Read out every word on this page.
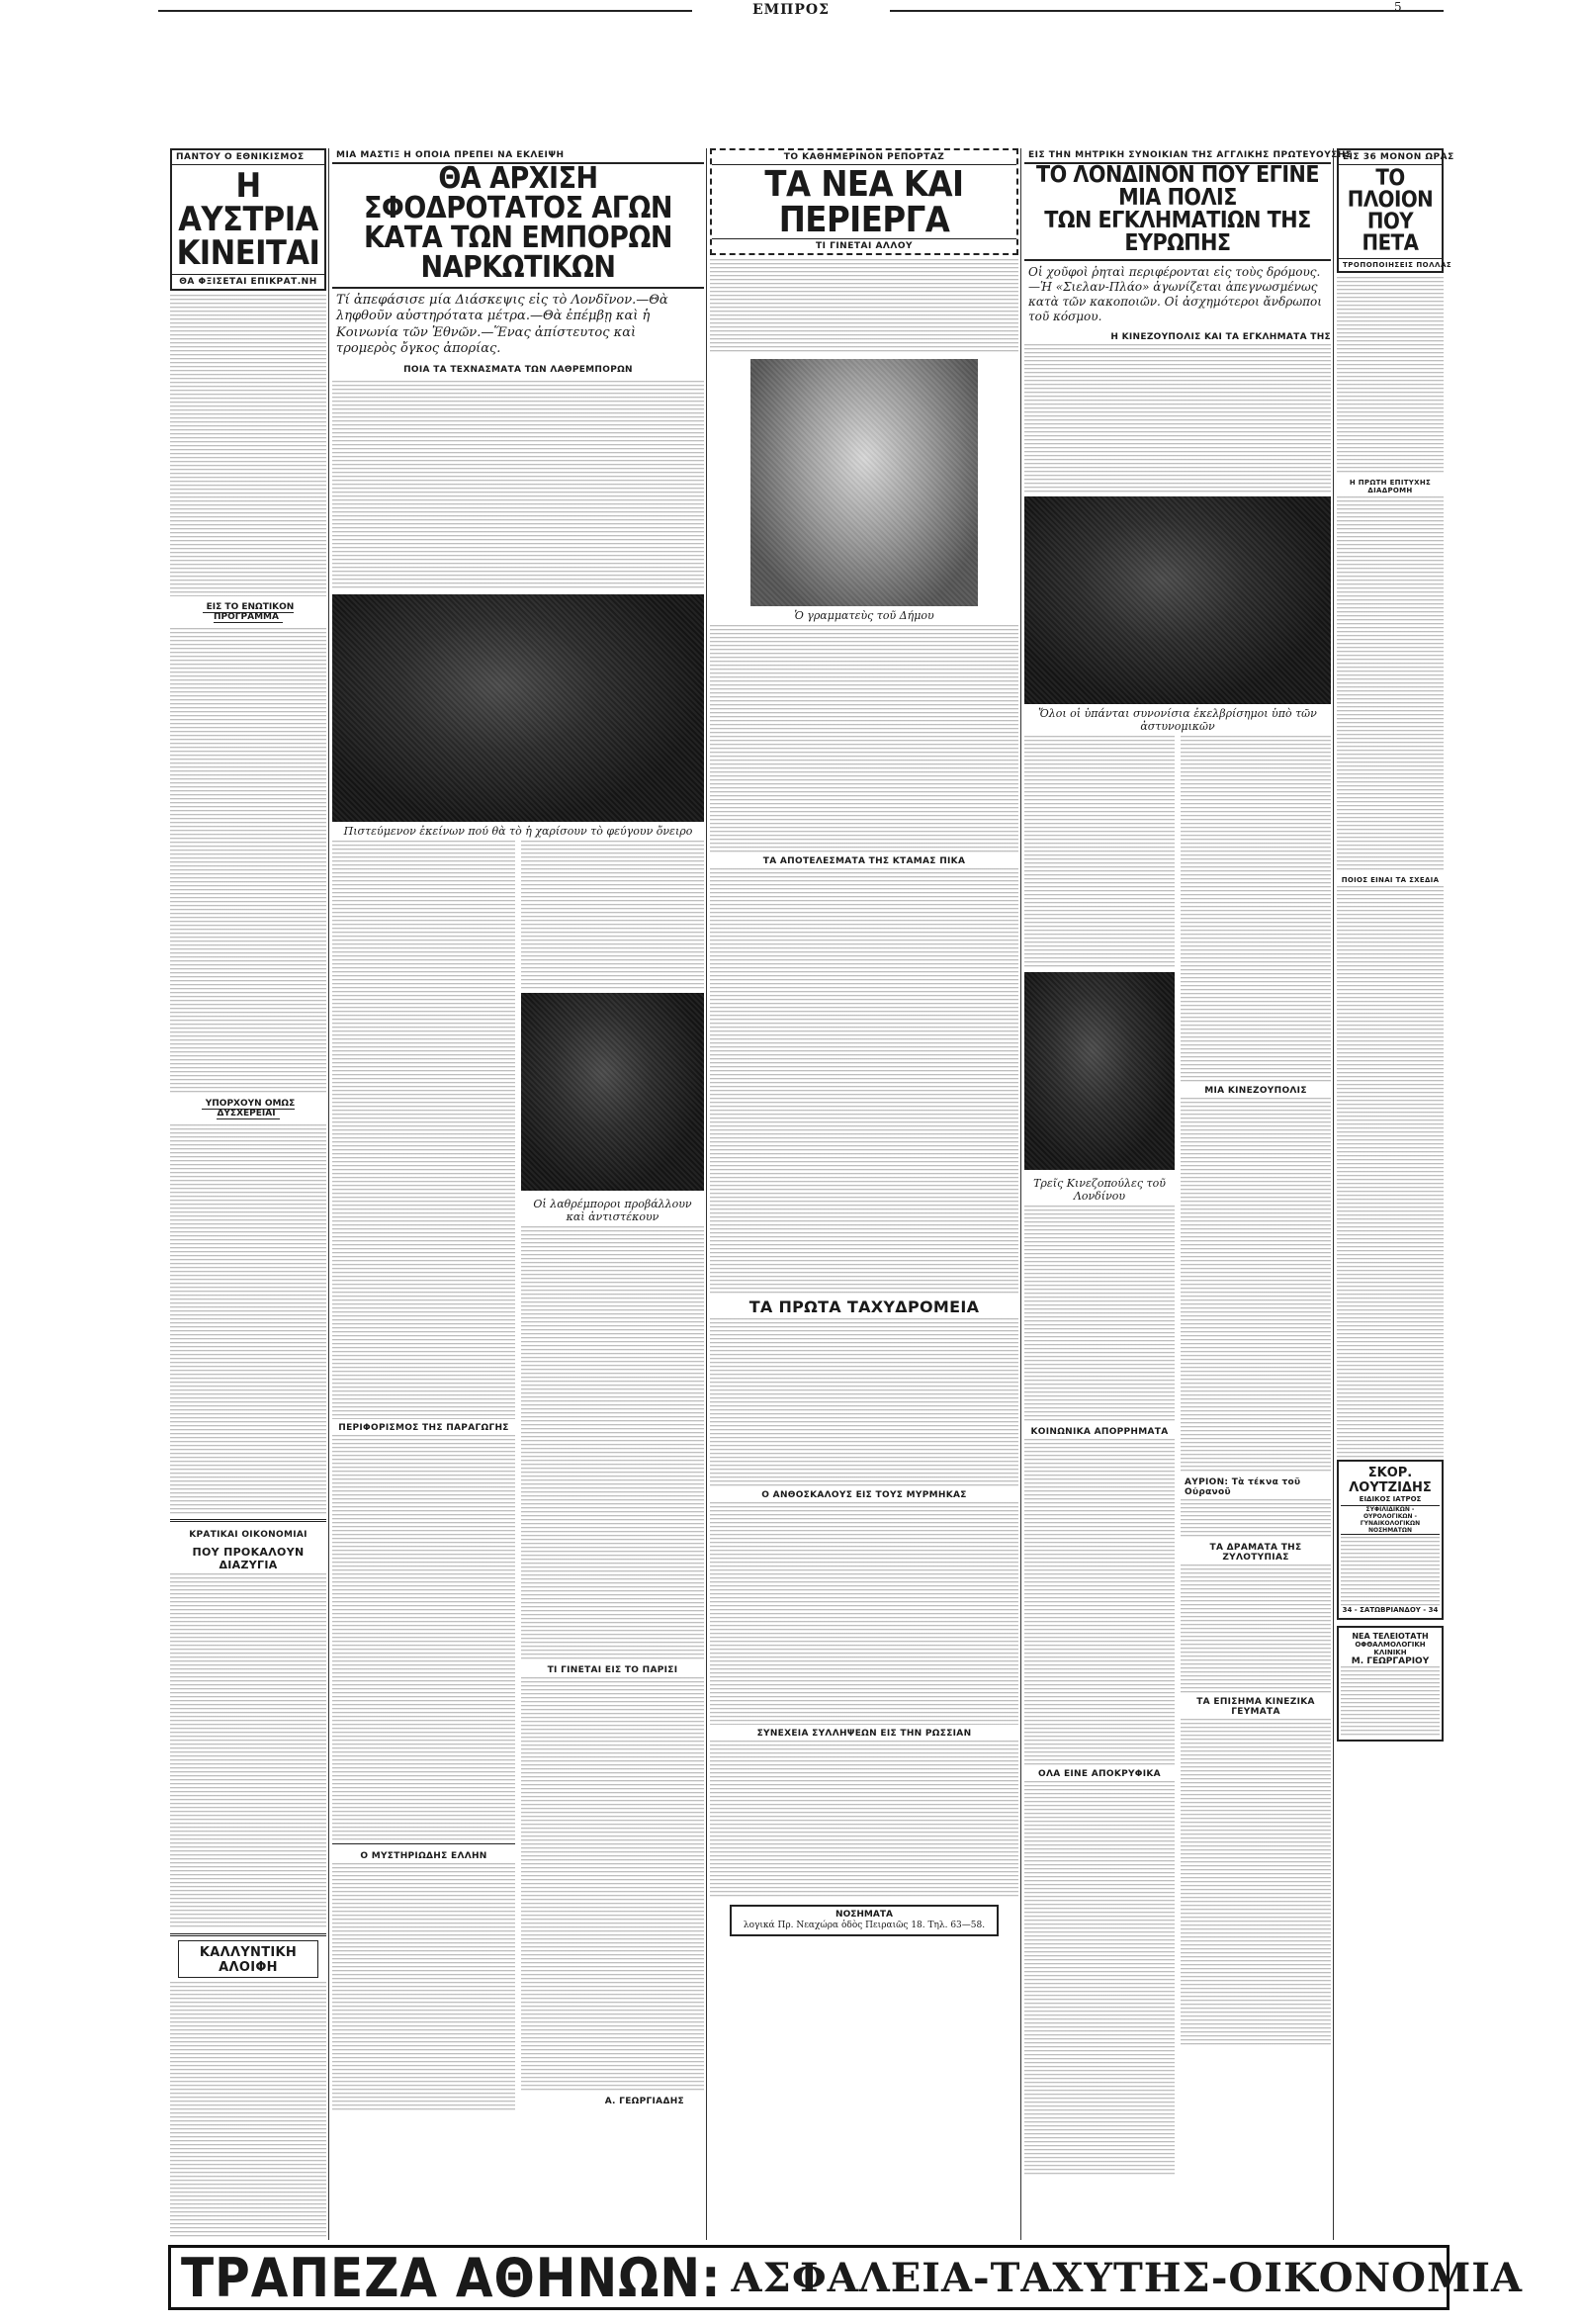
ΕΜΠΡΟΣ	5
ΠΑΝΤΟΥ Ο ΕΘΝΙΚΙΣΜΟΣ
Η ΑΥΣΤΡΙΑ
ΚΙΝΕΙΤΑΙ
ΘΑ ΦΞΙΣΕΤΑΙ ΕΠΙΚΡΑΤ.ΝΗ
ΕΙΣ ΤΟ ΕΝΩΤΙΚΟΝ ΠΡΟΓΡΑΜΜΑ
ΥΠΟΡΧΟΥΝ ΟΜΩΣ ΔΥΣΧΕΡΕΙΑΙ
ΚΡΑΤΙΚΑΙ ΟΙΚΟΝΟΜΙΑΙ
ΠΟΥ ΠΡΟΚΑΛΟΥΝ ΔΙΑΖΥΓΙΑ
ΚΑΛΛΥΝΤΙΚΗ ΑΛΟΙΦΗ
ΜΙΑ ΜΑΣΤΙΞ Η ΟΠΟΙΑ ΠΡΕΠΕΙ ΝΑ ΕΚΛΕΙΨΗ
ΘΑ ΑΡΧΙΣΗ ΣΦΟΔΡΟΤΑΤΟΣ ΑΓΩΝ
ΚΑΤΑ ΤΩΝ ΕΜΠΟΡΩΝ ΝΑΡΚΩΤΙΚΩΝ
Τί ἀπεφάσισε μία Διάσκεψις εἰς τὸ Λονδῖνον.—Θὰ ληφθοῦν αὐστηρότατα μέτρα.—Θὰ ἐπέμβῃ καὶ ἡ Κοινωνία τῶν Ἐθνῶν.—Ἕνας ἀπίστευτος καὶ τρομερὸς ὄγκος ἀπορίας.
ΠΟΙΑ ΤΑ ΤΕΧΝΑΣΜΑΤΑ ΤΩΝ ΛΑΘΡΕΜΠΟΡΩΝ
Πιστεύμενον ἐκείνων πού θὰ τὸ ἡ χαρίσουν τὸ φεύγουν ὄνειρο
ΠΕΡΙΦΟΡΙΣΜΟΣ ΤΗΣ ΠΑΡΑΓΩΓΗΣ
Ο ΜΥΣΤΗΡΙΩΔΗΣ ΕΛΛΗΝ
Οἱ λαθρέμποροι προβάλλουν καὶ ἀντιστέκουν
ΤΙ ΓΙΝΕΤΑΙ ΕΙΣ ΤΟ ΠΑΡΙΣΙ
Α. ΓΕΩΡΓΙΑΔΗΣ
ΤΟ ΚΑΘΗΜΕΡΙΝΟΝ ΡΕΠΟΡΤΑΖ
ΤΑ ΝΕΑ ΚΑΙ
ΠΕΡΙΕΡΓΑ
ΤΙ ΓΙΝΕΤΑΙ ΑΛΛΟΥ
Ὁ γραμματεὺς τοῦ Δήμου
ΤΑ ΑΠΟΤΕΛΕΣΜΑΤΑ ΤΗΣ ΚΤΑΜΑΣ ΠΙΚΑ
ΤΑ ΠΡΩΤΑ ΤΑΧΥΔΡΟΜΕΙΑ
Ο ΑΝΘΟΣΚΑΛΟΥΣ ΕΙΣ ΤΟΥΣ ΜΥΡΜΗΚΑΣ
ΣΥΝΕΧΕΙΑ ΣΥΛΛΗΨΕΩΝ ΕΙΣ ΤΗΝ ΡΩΣΣΙΑΝ
ΝΟΣΗΜΑΤΑ
λογικά Πρ. Νεαχώρα ὁδὸς Πειραιῶς 18. Τηλ. 63—58.
ΕΙΣ ΤΗΝ ΜΗΤΡΙΚΗ ΣΥΝΟΙΚΙΑΝ ΤΗΣ ΑΓΓΛΙΚΗΣ ΠΡΩΤΕΥΟΥΣΗΣ
ΤΟ ΛΟΝΔΙΝΟΝ ΠΟΥ ΕΓΙΝΕ ΜΙΑ ΠΟΛΙΣ
ΤΩΝ ΕΓΚΛΗΜΑΤΙΩΝ ΤΗΣ ΕΥΡΩΠΗΣ
Οἱ χοῦφοὶ ῥηταὶ περιφέρονται εἰς τοὺς δρόμους.—Ἡ «Σιελαν-Πλάο» ἀγωνίζεται ἀπεγνωσμένως κατὰ τῶν κακοποιῶν. Οἱ ἀσχημότεροι ἄνδρωποι τοῦ κόσμου.
Η ΚΙΝΕΖΟΥΠΟΛΙΣ ΚΑΙ ΤΑ ΕΓΚΛΗΜΑΤΑ ΤΗΣ
Ὅλοι οἱ ὑπάνται συνονίσια ἐκελβρίσημοι ὑπὸ τῶν ἀστυνομικῶν
Τρεῖς Κινεζοπούλες τοῦ Λονδίνου
ΚΟΙΝΩΝΙΚΑ ΑΠΟΡΡΗΜΑΤΑ
ΟΛΑ ΕΙΝΕ ΑΠΟΚΡΥΦΙΚΑ
ΜΙΑ ΚΙΝΕΖΟΥΠΟΛΙΣ
ΑΥΡΙΟΝ: Τὰ τέκνα τοῦ Οὐρανοῦ
ΤΑ ΔΡΑΜΑΤΑ ΤΗΣ ΖΥΛΟΤΥΠΙΑΣ
ΤΑ ΕΠΙΣΗΜΑ ΚΙΝΕΖΙΚΑ ΓΕΥΜΑΤΑ
ΕΙΣ 36 ΜΟΝΟΝ ΩΡΑΣ
ΤΟ ΠΛΟΙΟΝ
ΠΟΥ ΠΕΤΑ
ΤΡΟΠΟΠΟΙΗΣΕΙΣ ΠΟΛΛΑΣ
Η ΠΡΩΤΗ ΕΠΙΤΥΧΗΣ ΔΙΑΔΡΟΜΗ
ΠΟΙΟΣ ΕΙΝΑΙ ΤΑ ΣΧΕΔΙΑ
ΣΚΟΡ. ΛΟΥΤΖΙΔΗΣ
ΕΙΔΙΚΟΣ ΙΑΤΡΟΣ
ΣΥΦΙΛΙΔΙΚΩΝ - ΟΥΡΟΛΟΓΙΚΩΝ - ΓΥΝΑΙΚΟΛΟΓΙΚΩΝ ΝΟΣΗΜΑΤΩΝ
34 - ΣΑΤΩΒΡΙΑΝΔΟΥ - 34
ΝΕΑ ΤΕΛΕΙΟΤΑΤΗ
ΟΦΘΑΛΜΟΛΟΓΙΚΗ ΚΛΙΝΙΚΗ
Μ. ΓΕΩΡΓΑΡΙΟΥ
ΤΡΑΠΕΖΑ ΑΘΗΝΩΝ: ΑΣΦΑΛΕΙΑ-ΤΑΧΥΤΗΣ-ΟΙΚΟΝΟΜΙΑ
